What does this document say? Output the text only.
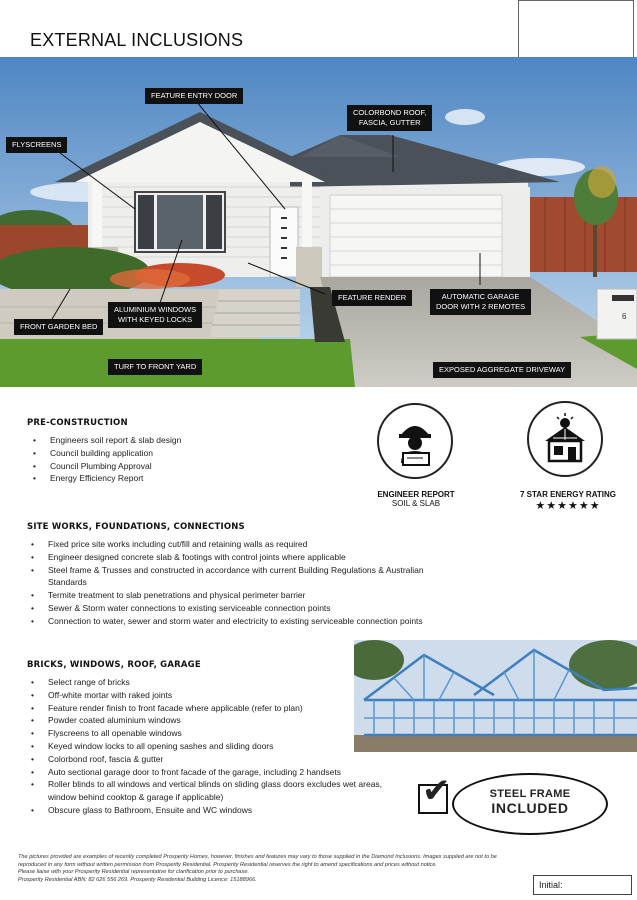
EXTERNAL INCLUSIONS
6
FEATURE ENTRY DOOR
FLYSCREENS
COLORBOND ROOF,
FASCIA, GUTTER
FEATURE RENDER	AUTOMATIC GARAGE
DOOR WITH 2 REMOTES
ALUMINIUM WINDOWS
WITH KEYED LOCKS
FRONT GARDEN BED
TURF TO FRONT YARD	EXPOSED AGGREGATE DRIVEWAY
PRE-CONSTRUCTION
• Engineers soil report & slab design
• Council building application
• Council Plumbing Approval
• Energy Efficiency Report
ENGINEER REPORT
SOIL & SLAB
7 STAR ENERGY RATING
★★★★★★
SITE WORKS, FOUNDATIONS, CONNECTIONS
• Fixed price site works including cut/fill and retaining walls as required
• Engineer designed concrete slab & footings with control joints where applicable
• Steel frame & Trusses and constructed in accordance with current Building Regulations & Australian Standards
• Termite treatment to slab penetrations and physical perimeter barrier
• Sewer & Storm water connections to existing serviceable connection points
• Connection to water, sewer and storm water and electricity to existing serviceable connection points
BRICKS, WINDOWS, ROOF, GARAGE
• Select range of bricks
• Off-white mortar with raked joints
• Feature render finish to front facade where applicable (refer to plan)
• Powder coated aluminium windows
• Flyscreens to all openable windows
• Keyed window locks to all opening sashes and sliding doors
• Colorbond roof, fascia & gutter
• Auto sectional garage door to front facade of the garage, including 2 handsets
• Roller blinds to all windows and vertical blinds on sliding glass doors excludes wet areas, window behind cooktop & garage if applicable)
• Obscure glass to Bathroom, Ensuite and WC windows	✔	STEEL FRAME
INCLUDED
The pictures provided are examples of recently completed Prosperity Homes, however, finishes and features may vary to those supplied in the Diamond Inclusions. Images supplied are not to be
reproduced in any form without written permission from Prosperity Residential. Prosperity Residential reserves the right to amend specifications and prices without notice.
Please liaise with your Prosperity Residential representative for clarification prior to purchase.
Prosperity Residential ABN: 82 626 556 269. Prosperity Residential Building Licence: 15188966.
Initial:
